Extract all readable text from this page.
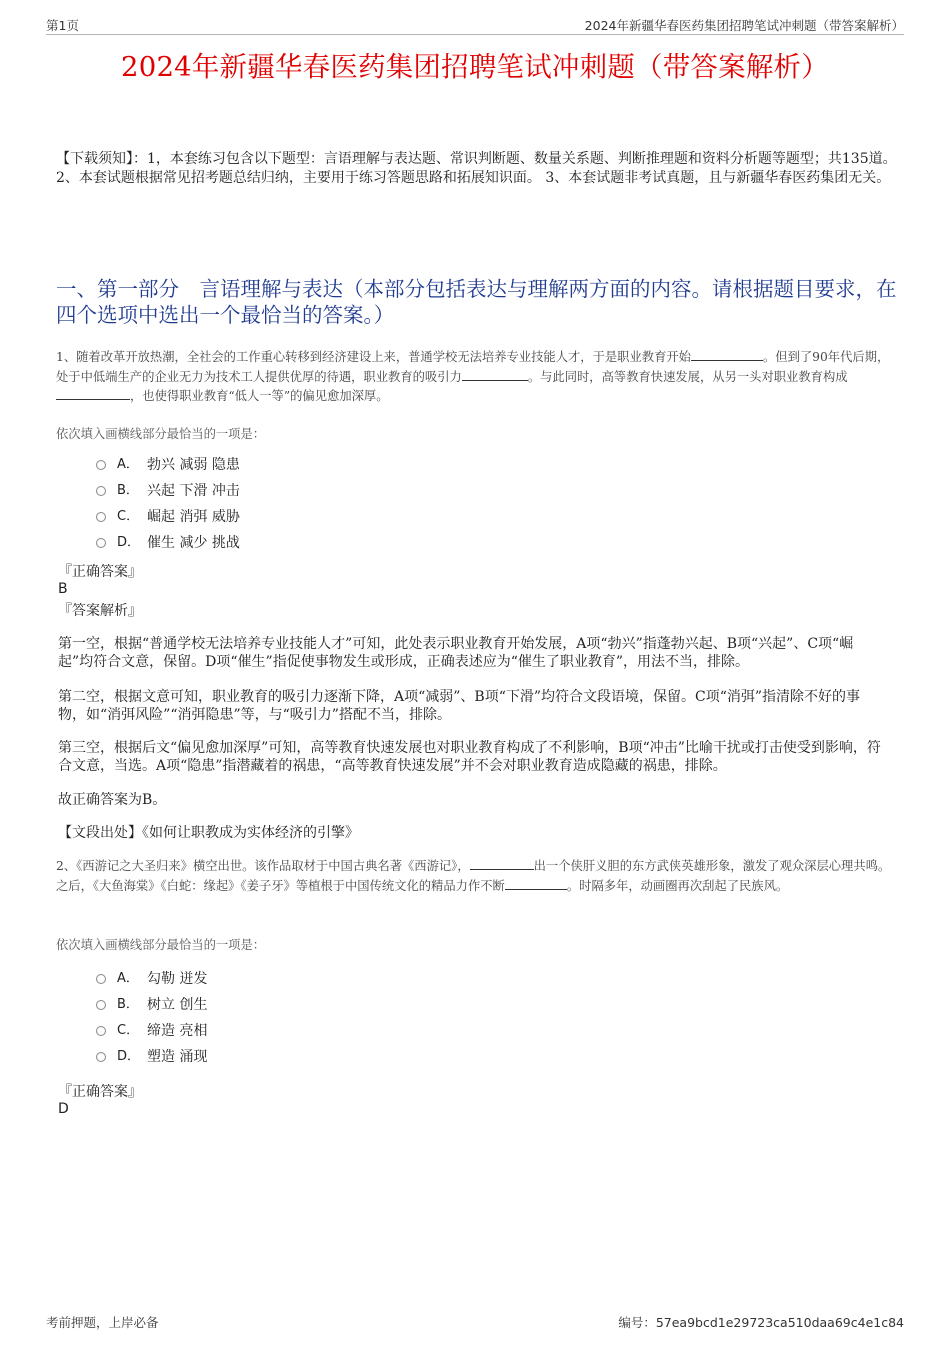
第1页	2024年新疆华春医药集团招聘笔试冲刺题（带答案解析）
2024年新疆华春医药集团招聘笔试冲刺题（带答案解析）
【下载须知】：1，本套练习包含以下题型：言语理解与表达题、常识判断题、数量关系题、判断推理题和资料分析题等题型；共135道。 2、本套试题根据常见招考题总结归纳，主要用于练习答题思路和拓展知识面。 3、本套试题非考试真题，且与新疆华春医药集团无关。
一、第一部分　言语理解与表达（本部分包括表达与理解两方面的内容。请根据题目要求，在四个选项中选出一个最恰当的答案。）
1、随着改革开放热潮，全社会的工作重心转移到经济建设上来，普通学校无法培养专业技能人才，于是职业教育开始	。但到了90年代后期，处于中低端生产的企业无力为技术工人提供优厚的待遇，职业教育的吸引力	。与此同时，高等教育快速发展，从另一头对职业教育构成，也使得职业教育“低人一等”的偏见愈加深厚。
依次填入画横线部分最恰当的一项是：
A． 勃兴 减弱 隐患
B． 兴起 下滑 冲击
C． 崛起 消弭 威胁
D． 催生 减少 挑战
『正确答案』
B
『答案解析』
第一空，根据“普通学校无法培养专业技能人才”可知，此处表示职业教育开始发展，A项“勃兴”指蓬勃兴起、B项“兴起”、C项“崛起”均符合文意，保留。D项“催生”指促使事物发生或形成，正确表述应为“催生了职业教育”，用法不当，排除。
第二空，根据文意可知，职业教育的吸引力逐渐下降，A项“减弱”、B项“下滑”均符合文段语境，保留。C项“消弭”指清除不好的事物，如“消弭风险”“消弭隐患”等，与“吸引力”搭配不当，排除。
第三空，根据后文“偏见愈加深厚”可知，高等教育快速发展也对职业教育构成了不利影响，B项“冲击”比喻干扰或打击使受到影响，符合文意，当选。A项“隐患”指潜藏着的祸患，“高等教育快速发展”并不会对职业教育造成隐藏的祸患，排除。
故正确答案为B。
【文段出处】《如何让职教成为实体经济的引擎》
2、《西游记之大圣归来》横空出世。该作品取材于中国古典名著《西游记》，	出一个侠肝义胆的东方武侠英雄形象，激发了观众深层心理共鸣。之后，《大鱼海棠》《白蛇：缘起》《姜子牙》等植根于中国传统文化的精品力作不断	。时隔多年，动画圈再次刮起了民族风。
依次填入画横线部分最恰当的一项是：
A． 勾勒 迸发
B． 树立 创生
C． 缔造 亮相
D． 塑造 涌现
『正确答案』
D
考前押题，上岸必备	编号：57ea9bcd1e29723ca510daa69c4e1c84
